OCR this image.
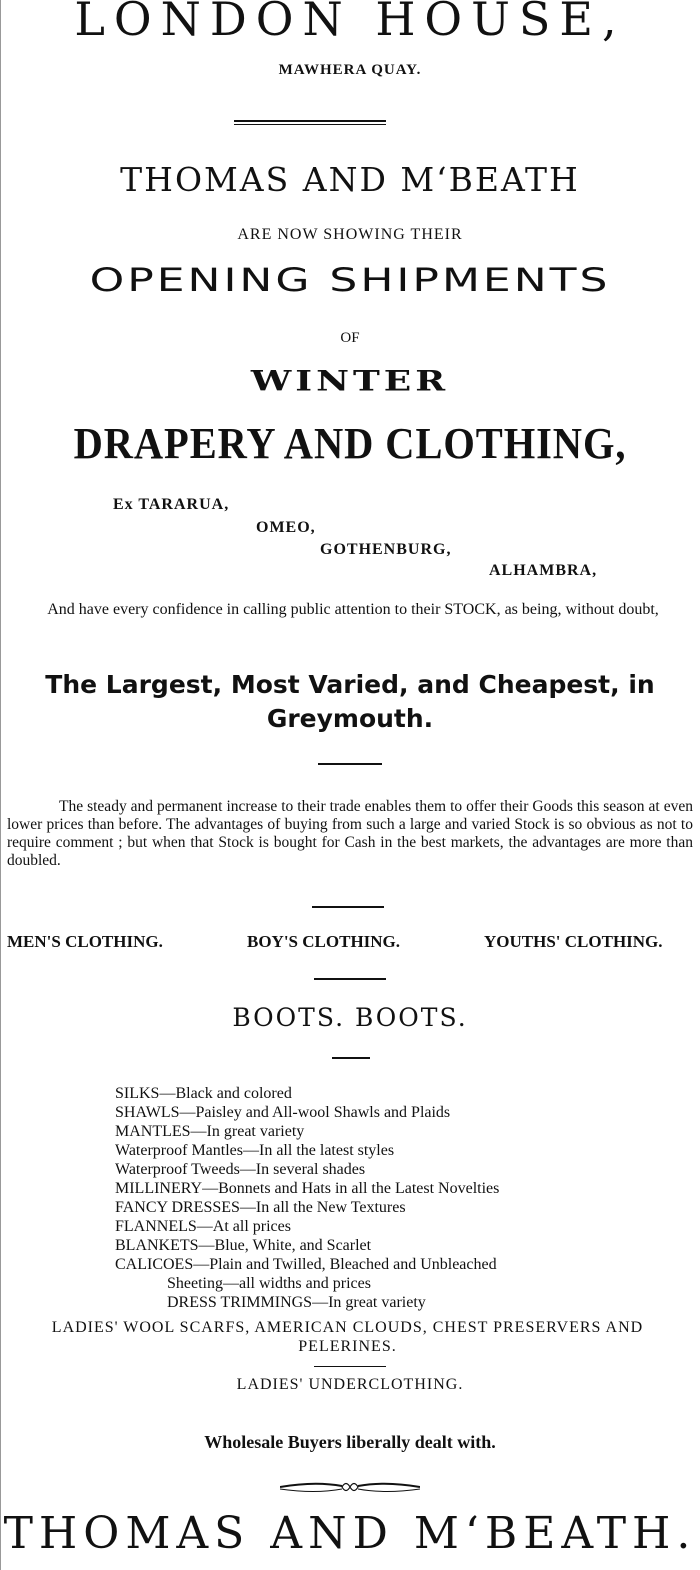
LONDON HOUSE,
MAWHERA QUAY.
THOMAS AND M‘BEATH
ARE NOW SHOWING THEIR
OPENING SHIPMENTS
OF
WINTER
DRAPERY AND CLOTHING,
Ex TARARUA,
OMEO,
GOTHENBURG,
ALHAMBRA,
And have every confidence in calling public attention to their STOCK, as being, without doubt,
The Largest, Most Varied, and Cheapest, in Greymouth.
The steady and permanent increase to their trade enables them to offer their Goods this season at even lower prices than before. The advantages of buying from such a large and varied Stock is so obvious as not to require comment ; but when that Stock is bought for Cash in the best markets, the advantages are more than doubled.
MEN'S CLOTHING.	BOY'S CLOTHING.	YOUTHS' CLOTHING.
BOOTS. BOOTS.
SILKS—Black and colored
SHAWLS—Paisley and All-wool Shawls and Plaids
MANTLES—In great variety
Waterproof Mantles—In all the latest styles
Waterproof Tweeds—In several shades
MILLINERY—Bonnets and Hats in all the Latest Novelties
FANCY DRESSES—In all the New Textures
FLANNELS—At all prices
BLANKETS—Blue, White, and Scarlet
CALICOES—Plain and Twilled, Bleached and Unbleached
Sheeting—all widths and prices
DRESS TRIMMINGS—In great variety
LADIES' WOOL SCARFS, AMERICAN CLOUDS, CHEST PRESERVERS AND PELERINES.
LADIES' UNDERCLOTHING.
Wholesale Buyers liberally dealt with.
THOMAS AND M‘BEATH.
